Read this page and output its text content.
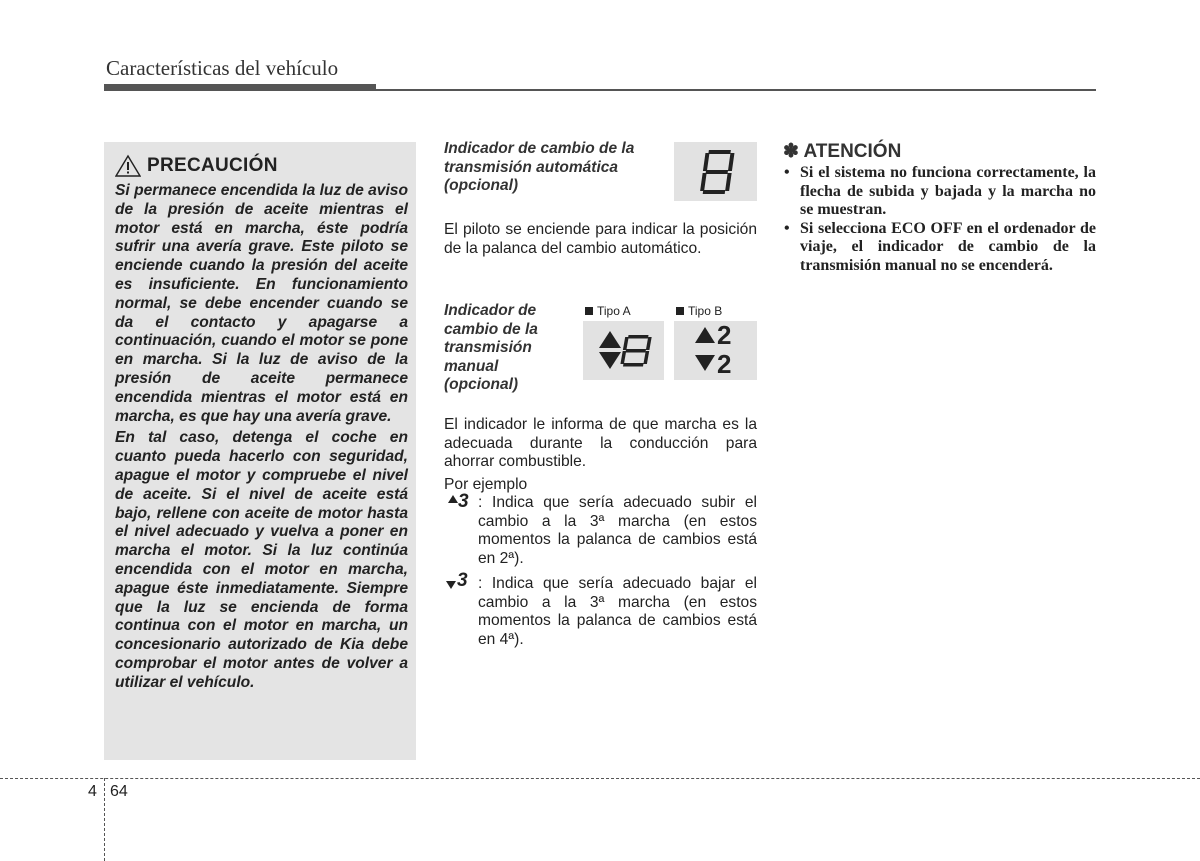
Características del vehículo
PRECAUCIÓN

Si permanece encendida la luz de aviso de la presión de aceite mientras el motor está en marcha, éste podría sufrir una avería grave. Este piloto se enciende cuando la presión del aceite es insuficiente. En funcionamiento normal, se debe encender cuando se da el contacto y apagarse a continuación, cuando el motor se pone en marcha. Si la luz de aviso de la presión de aceite permanece encendida mientras el motor está en marcha, es que hay una avería grave.

En tal caso, detenga el coche en cuanto pueda hacerlo con seguridad, apague el motor y compruebe el nivel de aceite. Si el nivel de aceite está bajo, rellene con aceite de motor hasta el nivel adecuado y vuelva a poner en marcha el motor. Si la luz continúa encendida con el motor en marcha, apague éste inmediatamente. Siempre que la luz se encienda de forma continua con el motor en marcha, un concesionario autorizado de Kia debe comprobar el motor antes de volver a utilizar el vehículo.

Indicador de cambio de la transmisión automática (opcional)

El piloto se enciende para indicar la posición de la palanca del cambio automático.

Indicador de cambio de la transmisión manual (opcional)
Tipo A	Tipo B
2
2

El indicador le informa de que marcha es la adecuada durante la conducción para ahorrar combustible.

Por ejemplo

3 : Indica que sería adecuado subir el cambio a la 3ª marcha (en estos momentos la palanca de cambios está en 2ª).
3 : Indica que sería adecuado bajar el cambio a la 3ª marcha (en estos momentos la palanca de cambios está en 4ª).
✽ ATENCIÓN
• Si el sistema no funciona correctamente, la flecha de subida y bajada y la marcha no se muestran.
• Si selecciona ECO OFF en el ordenador de viaje, el indicador de cambio de la transmisión manual no se encenderá.
4 64
